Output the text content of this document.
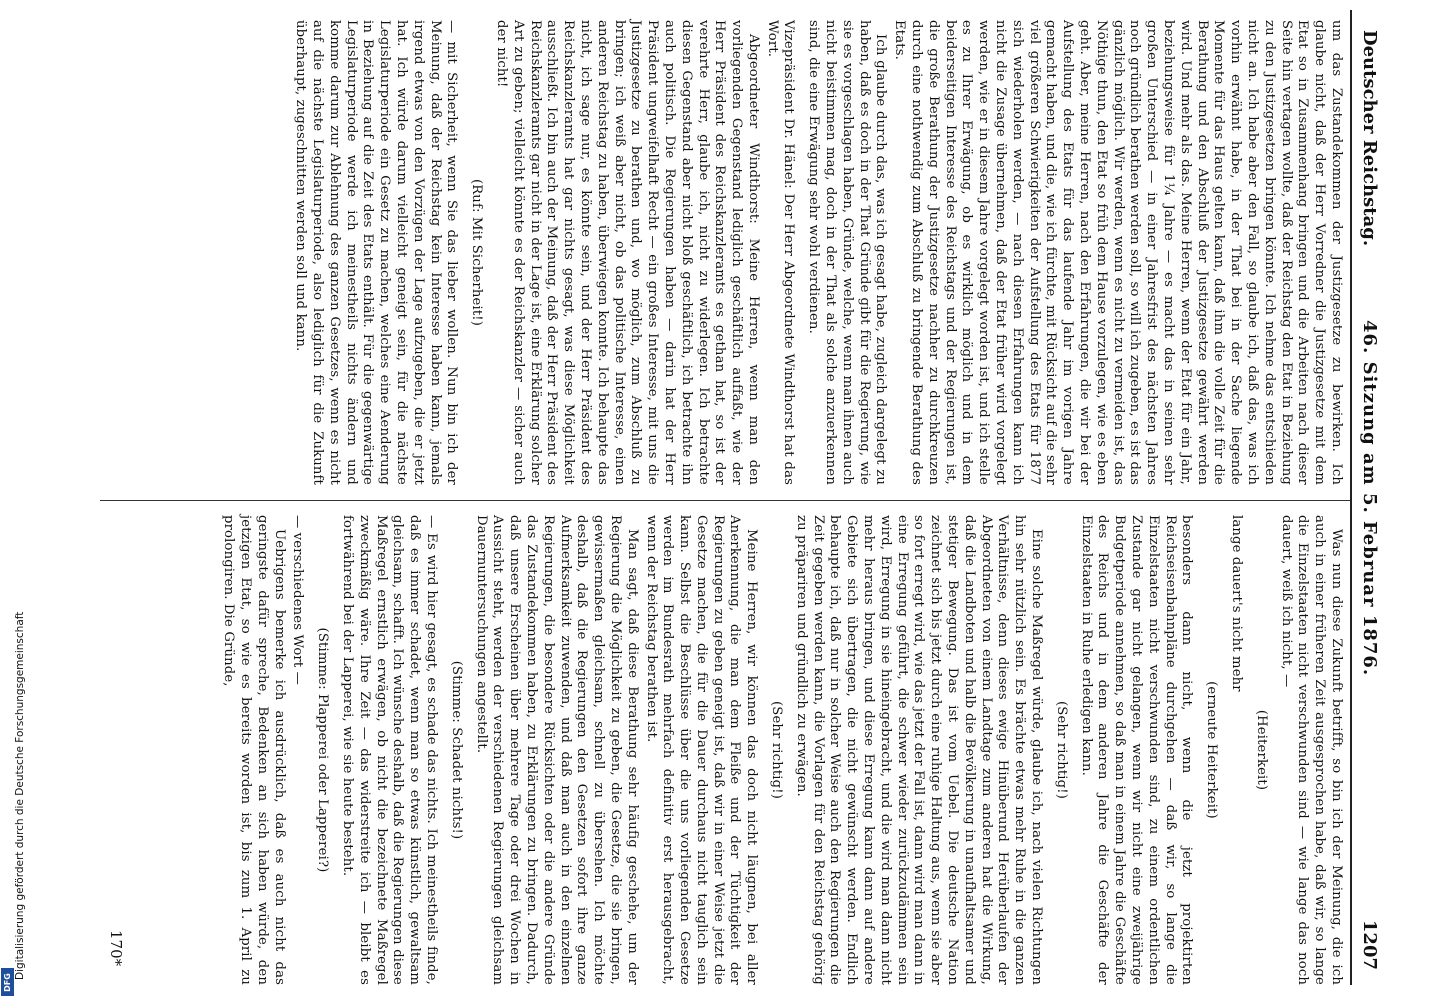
DFG
Digitalisierung gefördert durch die Deutsche Forschungsgemeinschaft
Deutscher Reichstag.
46. Sitzung am 5. Februar 1876.
1207

um das Zustandekommen der Justizgesetze zu bewirken. Ich glaube nicht, daß der Herr Vorredner die Justizgesetze mit dem Etat so in Zusammenhang bringen und die Arbeiten nach dieser Seite hin vertagen wollte, daß der Reichstag den Etat in Beziehung zu den Justizgesetzen bringen könnte. Ich nehme das entschieden nicht an. Ich habe aber den Fall, so glaube ich, daß das, was ich vorhin erwähnt habe, in der That bei in der Sache liegende Momente für das Haus gelten kann, daß ihm die volle Zeit für die Berathung und den Abschluß der Justizgesetze gewährt werden wird. Und mehr als das. Meine Herren, wenn der Etat für ein Jahr, beziehungsweise für 1¼ Jahre — es macht das in seinen sehr großen Unterschied — in einer Jahresfrist des nächsten Jahres noch gründlich berathen werden soll, so will ich zugeben, es ist das gänzlich möglich. Wir werden, wenn es nicht zu vermeiden ist, das Nöthige thun, den Etat so früh dem Hause vorzulegen, wie es eben geht. Aber, meine Herren, nach den Erfahrungen, die wir bei der Aufstellung des Etats für das laufende Jahr im vorigen Jahre gemacht haben, und die, wie ich fürchte, mit Rücksicht auf die sehr viel größeren Schwierigkeiten der Aufstellung des Etats für 1877 sich wiederholen werden, — nach diesen Erfahrungen kann ich nicht die Zusage übernehmen, daß der Etat früher wird vorgelegt werden, wie er in diesem Jahre vorgelegt worden ist, und ich stelle es zu Ihrer Erwägung, ob es wirklich möglich und in dem beiderseitigen Interesse des Reichstags und der Regierungen ist, die große Berathung der Justizgesetze nachher zu durchkreuzen durch eine nothwendig zum Abschluß zu bringende Berathung des Etats.

Ich glaube durch das, was ich gesagt habe, zugleich dargelegt zu haben, daß es doch in der That Gründe gibt für die Regierung, wie sie es vorgeschlagen haben, Gründe, welche, wenn man ihnen auch nicht beistimmen mag, doch in der That als solche anzuerkennen sind, die eine Erwägung sehr wohl verdienen.

Vizepräsident Dr. Hänel: Der Herr Abgeordnete Windthorst hat das Wort.

Abgeordneter Windthorst: Meine Herren, wenn man den vorliegenden Gegenstand lediglich geschäftlich auffaßt, wie der Herr Präsident des Reichskanzleramts es gethan hat, so ist der verehrte Herr, glaube ich, nicht zu widerlegen. Ich betrachte diesen Gegenstand aber nicht bloß geschäftlich, ich betrachte ihn auch politisch. Die Regierungen haben — darin hat der Herr Präsident ungweifelhaft Recht — ein großes Interesse, mit uns die Justizgesetze zu berathen und, wo möglich, zum Abschluß zu bringen; ich weiß aber nicht, ob das politische Interesse, einen anderen Reichstag zu haben, überwiegen konnte. Ich behaupte das nicht, ich sage nur, es könnte sein, und der Herr Präsident des Reichskanzleramts hat gar nichts gesagt, was diese Möglichkeit ausschließt. Ich bin auch der Meinung, daß der Herr Präsident des Reichskanzleramts gar nicht in der Lage ist, eine Erklärung solcher Art zu geben; vielleicht könnte es der Reichskanzler — sicher auch der nicht!

(Ruf: Mit Sicherheit!)

— mit Sicherheit, wenn Sie das lieber wollen. Nun bin ich der Meinung, daß der Reichstag kein Interesse haben kann, jemals irgend etwas von den Vorzügen der Lage aufzugeben, die er jetzt hat. Ich würde darum vielleicht geneigt sein, für die nächste Legislaturperiode ein Gesetz zu machen, welches eine Aenderung in Beziehung auf die Zeit des Etats enthält. Für die gegenwärtige Legislaturperiode werde ich meinestheils nichts ändern und komme darum zur Ablehnung des ganzen Gesetzes, wenn es nicht auf die nächste Legislaturperiode, also lediglich für die Zukunft überhaupt, zugeschnitten werden soll und kann.

Was nun diese Zukunft betrifft, so bin ich der Meinung, die ich auch in einer früheren Zeit ausgesprochen habe, daß wir, so lange die Einzelstaaten nicht verschwunden sind — wie lange das noch dauert, weiß ich nicht, —

(Heiterkeit)

lange dauert's nicht mehr

(erneute Heiterkeit)

besonders dann nicht, wenn die jetzt projektirten Reichseisenbahnpläne durchgehen — daß wir, so lange die Einzelstaaten nicht verschwunden sind, zu einem ordentlichen Zustande gar nicht gelangen, wenn wir nicht eine zweijährige Budgetperiode annehmen, so daß man in einem Jahre die Geschäfte des Reichs und in dem anderen Jahre die Geschäfte der Einzelstaaten in Ruhe erledigen kann.

(Sehr richtig!)

Eine solche Maßregel würde, glaube ich, nach vielen Richtungen hin sehr nützlich sein. Es brächte etwas mehr Ruhe in die ganzen Verhältnisse, denn dieses ewige Hinüberund Herüberlaufen der Abgeordneten von einem Landtage zum anderen hat die Wirkung, daß die Landboten und halb die Bevölkerung in unaufhaltsamer und stetiger Bewegung. Das ist vom Uebel. Die deutsche Nation zeichnet sich bis jetzt durch eine ruhige Haltung aus, wenn sie aber so fort erregt wird, wie das jetzt der Fall ist, dann wird man dann in eine Erregung geführt, die schwer wieder zurückzudämmen sein wird, Erregung in sie hineingebracht, und die wird man dann nicht mehr heraus bringen, und diese Erregung kann dann auf andere Gebiete sich übertragen, die nicht gewünscht werden. Endlich behaupte ich, daß nur in solcher Weise auch den Regierungen die Zeit gegeben werden kann, die Vorlagen für den Reichstag gehörig zu präpariren und gründlich zu erwägen.

(Sehr richtig!)

Meine Herren, wir können das doch nicht läugnen, bei aller Anerkennung, die man dem Fleiße und der Tüchtigkeit der Regierungen zu geben geneigt ist, daß wir in einer Weise jetzt die Gesetze machen, die für die Dauer durchaus nicht tauglich sein kann. Selbst die Beschlüsse über die uns vorliegenden Gesetze werden im Bundesrath mehrfach definitiv erst herausgebracht, wenn der Reichstag berathen ist.

Man sagt, daß diese Berathung sehr häufig geschehe, um der Regierung die Möglichkeit zu geben, die Gesetze, die sie bringen, gewissermaßen gleichsam, schnell zu übersehen. Ich möchte deshalb, daß die Regierungen den Gesetzen sofort ihre ganze Aufmerksamkeit zuwenden, und daß man auch in den einzelnen Regierungen, die besondere Rücksichten oder die andere Gründe das Zustandekommen haben, zu Erklärungen zu bringen. Dadurch, daß unsere Erscheinen über mehrere Tage oder drei Wochen in Aussicht steht, werden der verschiedenen Regierungen gleichsam Dauernuntersuchungen angestellt.

(Stimme: Schadet nichts!)

— Es wird hier gesagt, es schade das nichts. Ich meinestheils finde, daß es immer schadet, wenn man so etwas künstlich, gewaltsam gleichsam, schafft. Ich wünsche deshalb, daß die Regierungen diese Maßregel ernstlich erwägen, ob nicht die bezeichnete Maßregel zweckmäßig wäre. Ihre Zeit — das widerstreite ich — bleibt es fortwährend bei der Lapperei, wie sie heute besteht.

(Stimme: Plapperei oder Lapperei?)

— verschiedenes Wort —

Uebrigens bemerke ich ausdrücklich, daß es auch nicht das geringste dafür spreche, Bedenken an sich haben würde, den jetzigen Etat, so wie es bereits worden ist, bis zum 1. April zu prolongiren. Die Gründe,

170*
